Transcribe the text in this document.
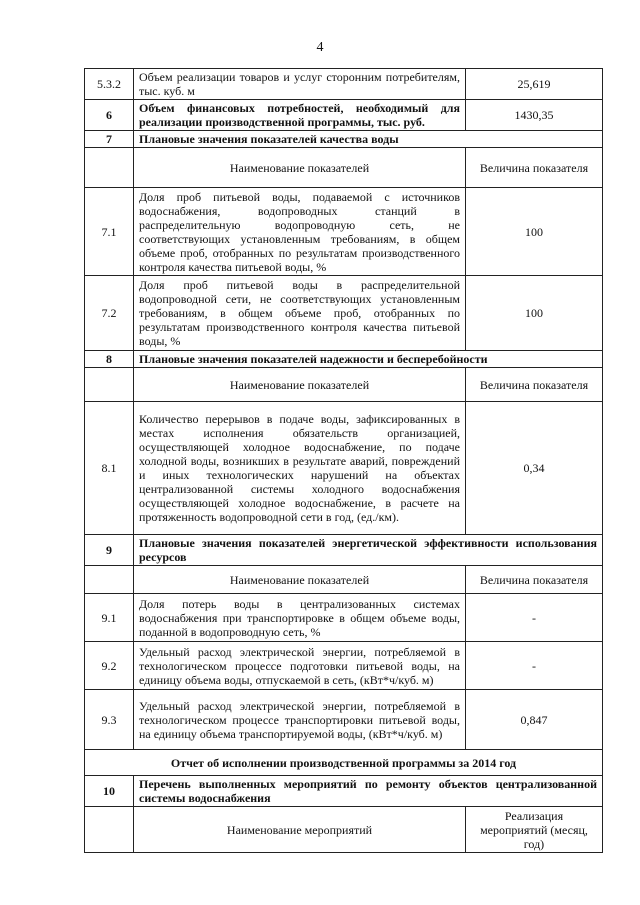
4
5.3.2	Объем реализации товаров и услуг сторонним потребителям, тыс. куб. м	25,619
6	Объем финансовых потребностей, необходимый для реализации производственной программы, тыс. руб.	1430,35
7	Плановые значения показателей качества воды	
	Наименование показателей	Величина показателя
7.1	Доля проб питьевой воды, подаваемой с источников водоснабжения, водопроводных станций в распределительную водопроводную сеть, не соответствующих установленным требованиям, в общем объеме проб, отобранных по результатам производственного контроля качества питьевой воды, %	100
7.2	Доля проб питьевой воды в распределительной водопроводной сети, не соответствующих установленным требованиям, в общем объеме проб, отобранных по результатам производственного контроля качества питьевой воды, %	100
8	Плановые значения показателей надежности и бесперебойности	
	Наименование показателей	Величина показателя
8.1	Количество перерывов в подаче воды, зафиксированных в местах исполнения обязательств организацией, осуществляющей холодное водоснабжение, по подаче холодной воды, возникших в результате аварий, повреждений и иных технологических нарушений на объектах централизованной системы холодного водоснабжения осуществляющей холодное водоснабжение, в расчете на протяженность водопроводной сети в год, (ед./км).	0,34
9	Плановые значения показателей энергетической эффективности использования ресурсов	
	Наименование показателей	Величина показателя
9.1	Доля потерь воды в централизованных системах водоснабжения при транспортировке в общем объеме воды, поданной в водопроводную сеть, %	-
9.2	Удельный расход электрической энергии, потребляемой в технологическом процессе подготовки питьевой воды, на единицу объема воды, отпускаемой в сеть, (кВт*ч/куб. м)	-
9.3	Удельный расход электрической энергии, потребляемой в технологическом процессе транспортировки питьевой воды, на единицу объема транспортируемой воды, (кВт*ч/куб. м)	0,847
Отчет об исполнении производственной программы за 2014 год		
10	Перечень выполненных мероприятий по ремонту объектов централизованной системы водоснабжения	
	Наименование мероприятий	Реализация мероприятий (месяц, год)
